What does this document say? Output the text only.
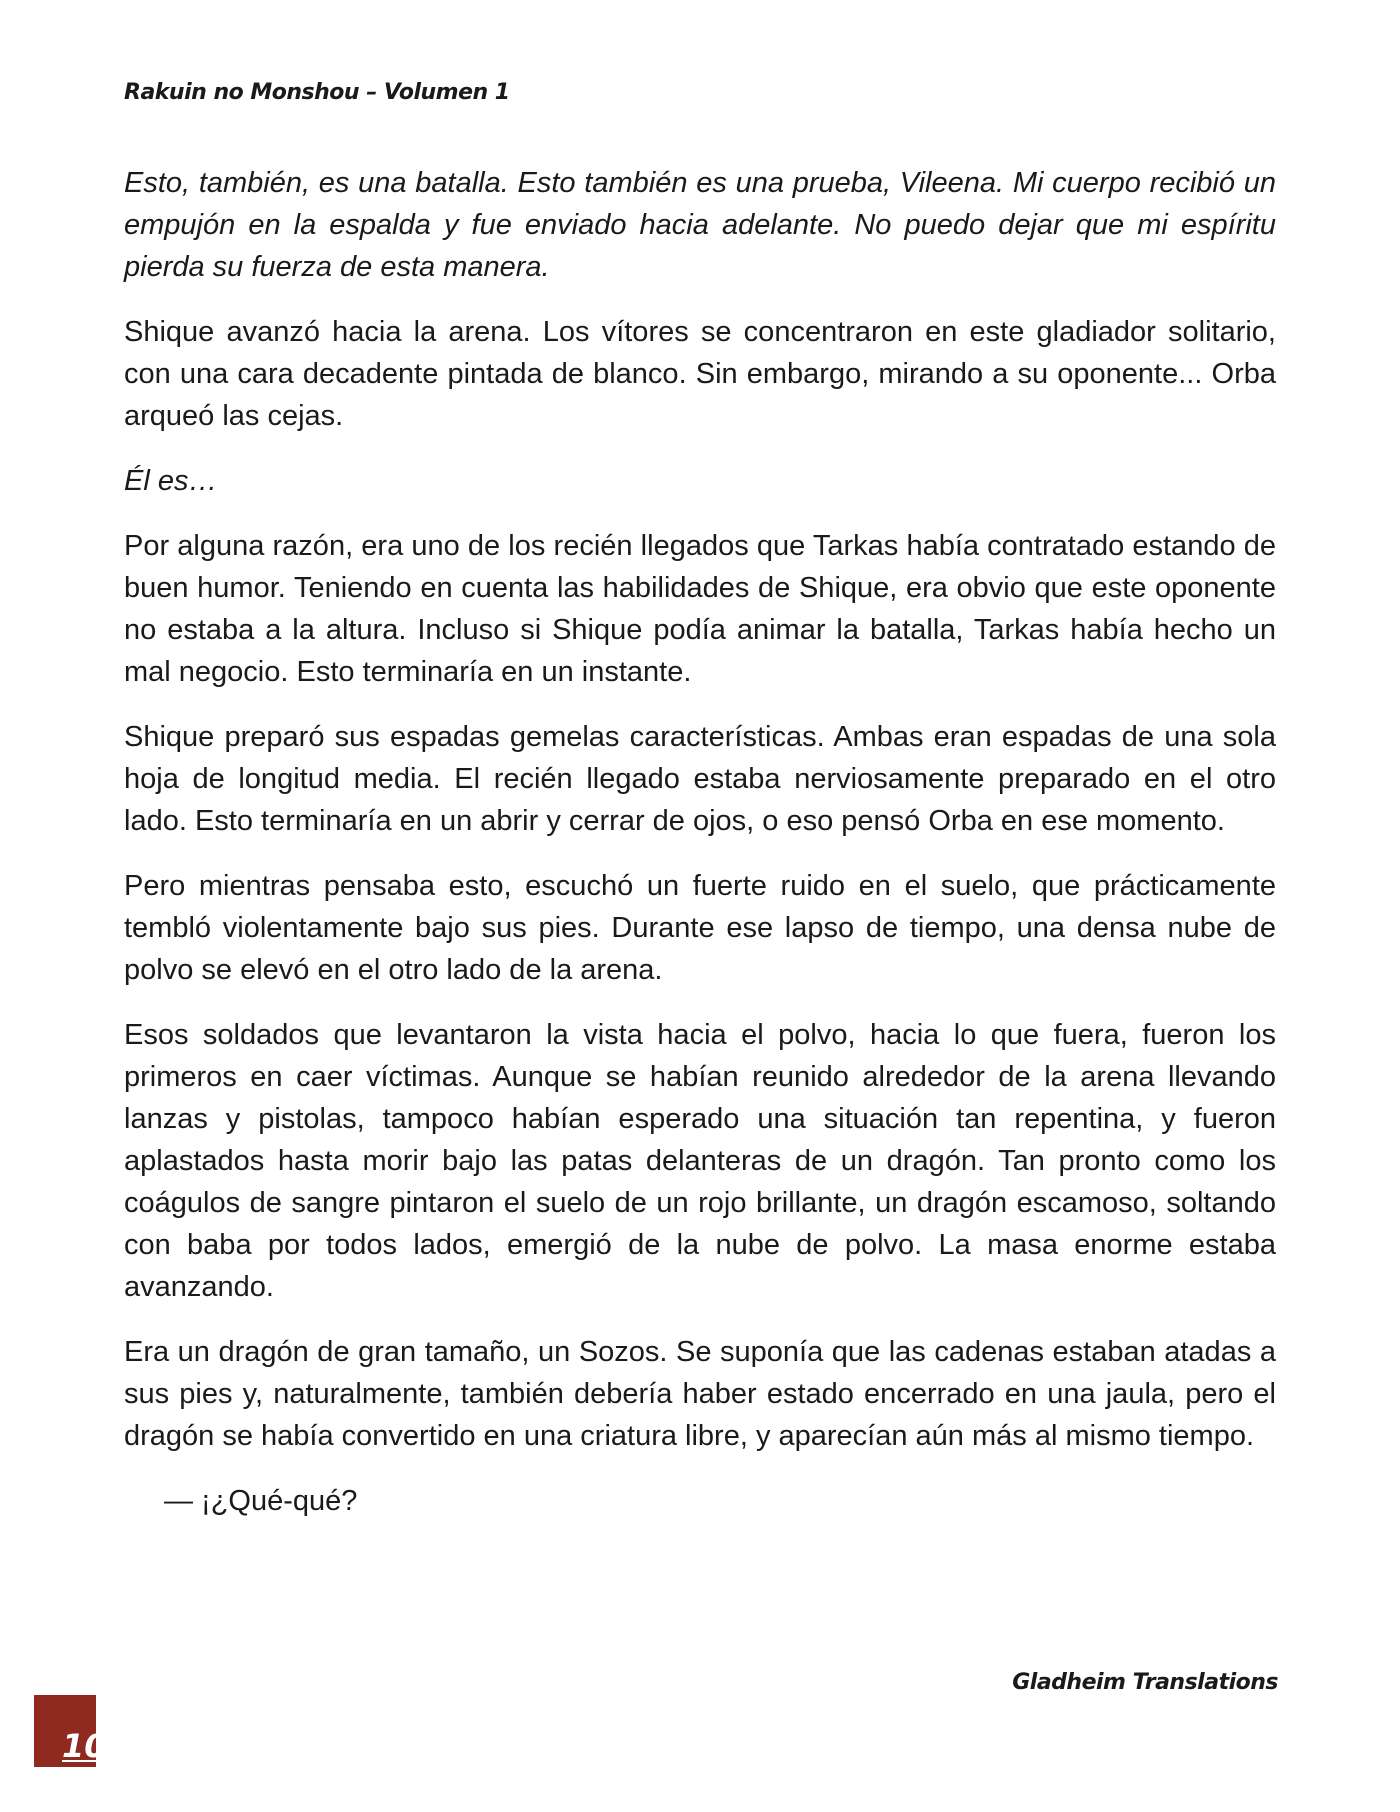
Rakuin no Monshou – Volumen 1

Esto, también, es una batalla. Esto también es una prueba, Vileena. Mi cuerpo recibió un empujón en la espalda y fue enviado hacia adelante. No puedo dejar que mi espíritu pierda su fuerza de esta manera.

Shique avanzó hacia la arena. Los vítores se concentraron en este gladiador solitario, con una cara decadente pintada de blanco. Sin embargo, mirando a su oponente... Orba arqueó las cejas.

Él es…

Por alguna razón, era uno de los recién llegados que Tarkas había contratado estando de buen humor. Teniendo en cuenta las habilidades de Shique, era obvio que este oponente no estaba a la altura. Incluso si Shique podía animar la batalla, Tarkas había hecho un mal negocio. Esto terminaría en un instante.

Shique preparó sus espadas gemelas características. Ambas eran espadas de una sola hoja de longitud media. El recién llegado estaba nerviosamente preparado en el otro lado. Esto terminaría en un abrir y cerrar de ojos, o eso pensó Orba en ese momento.

Pero mientras pensaba esto, escuchó un fuerte ruido en el suelo, que prácticamente tembló violentamente bajo sus pies. Durante ese lapso de tiempo, una densa nube de polvo se elevó en el otro lado de la arena.

Esos soldados que levantaron la vista hacia el polvo, hacia lo que fuera, fueron los primeros en caer víctimas. Aunque se habían reunido alrededor de la arena llevando lanzas y pistolas, tampoco habían esperado una situación tan repentina, y fueron aplastados hasta morir bajo las patas delanteras de un dragón. Tan pronto como los coágulos de sangre pintaron el suelo de un rojo brillante, un dragón escamoso, soltando con baba por todos lados, emergió de la nube de polvo. La masa enorme estaba avanzando.

Era un dragón de gran tamaño, un Sozos. Se suponía que las cadenas estaban atadas a sus pies y, naturalmente, también debería haber estado encerrado en una jaula, pero el dragón se había convertido en una criatura libre, y aparecían aún más al mismo tiempo.

— ¡¿Qué-qué?

Gladheim Translations
10
